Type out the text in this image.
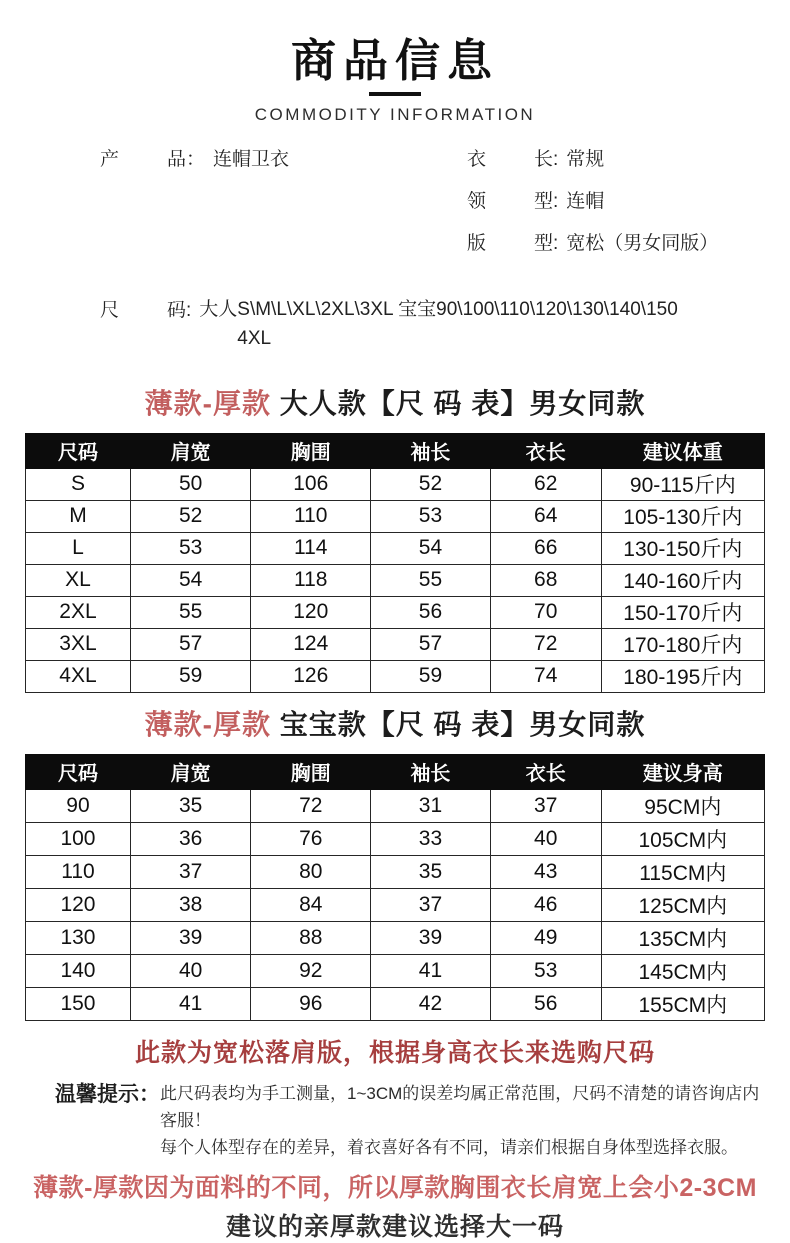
商品信息
COMMODITY INFORMATION
产品： 连帽卫衣	衣长: 常规
领型: 连帽
版型: 宽松（男女同版）
尺码: 大人S\M\L\XL\2XL\3XL 宝宝90\100\110\120\130\140\150
4XL
薄款-厚款 大人款【尺 码 表】男女同款
尺码	肩宽	胸围	袖长	衣长	建议体重
S	50	106	52	62	90-115斤内
M	52	110	53	64	105-130斤内
L	53	114	54	66	130-150斤内
XL	54	118	55	68	140-160斤内
2XL	55	120	56	70	150-170斤内
3XL	57	124	57	72	170-180斤内
4XL	59	126	59	74	180-195斤内
薄款-厚款 宝宝款【尺 码 表】男女同款
尺码	肩宽	胸围	袖长	衣长	建议身高
90	35	72	31	37	95CM内
100	36	76	33	40	105CM内
110	37	80	35	43	115CM内
120	38	84	37	46	125CM内
130	39	88	39	49	135CM内
140	40	92	41	53	145CM内
150	41	96	42	56	155CM内
此款为宽松落肩版，根据身高衣长来选购尺码
温馨提示： 此尺码表均为手工测量，1~3CM的误差均属正常范围，尺码不清楚的请咨询店内客服！
每个人体型存在的差异，着衣喜好各有不同，请亲们根据自身体型选择衣服。
薄款-厚款因为面料的不同，所以厚款胸围衣长肩宽上会小2-3CM
建议的亲厚款建议选择大一码
